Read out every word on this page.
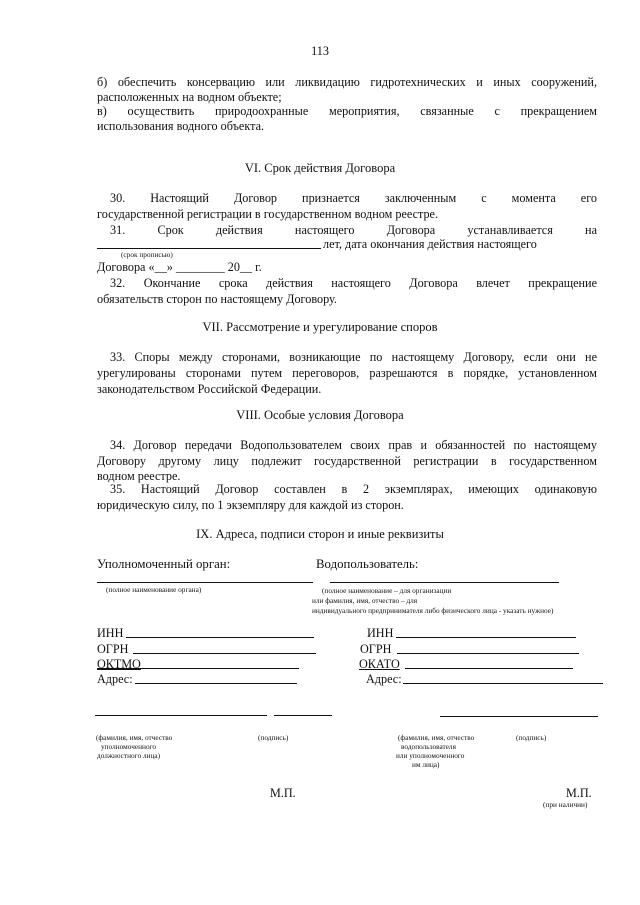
113
б) обеспечить консервацию или ликвидацию гидротехнических и иных сооружений,
расположенных на водном объекте;
в) осуществить природоохранные мероприятия, связанные с прекращением
использования водного объекта.
VI. Срок действия Договора
30. Настоящий Договор признается заключенным с момента его
государственной регистрации в государственном водном реестре.
31. Срок действия настоящего Договора устанавливается на
лет, дата окончания действия настоящего
(срок прописью)
Договора «__» ________ 20__ г.
32. Окончание срока действия настоящего Договора влечет прекращение
обязательств сторон по настоящему Договору.
VII. Рассмотрение и урегулирование споров
33. Споры между сторонами, возникающие по настоящему Договору, если они не
урегулированы сторонами путем переговоров, разрешаются в порядке, установленном
законодательством Российской Федерации.
VIII. Особые условия Договора
34. Договор передачи Водопользователем своих прав и обязанностей по настоящему
Договору другому лицу подлежит государственной регистрации в государственном
водном реестре.
35. Настоящий Договор составлен в 2 экземплярах, имеющих одинаковую
юридическую силу, по 1 экземпляру для каждой из сторон.
IX. Адреса, подписи сторон и иные реквизиты
Уполномоченный орган:
(полное наименование органа)
ИНН
ОГРН
ОКТМО
Адрес:
(фамилия, имя, отчество
уполномоченного
должностного лица)
(подпись)
М.П.
Водопользователь:
(полное наименование – для организации
или фамилия, имя, отчество – для
индивидуального предпринимателя либо физического лица - указать нужное)
ИНН
ОГРН
ОКАТО
Адрес:
(фамилия, имя, отчество
водопользователя
или уполномоченного
им лица)
(подпись)
М.П.
(при наличии)
